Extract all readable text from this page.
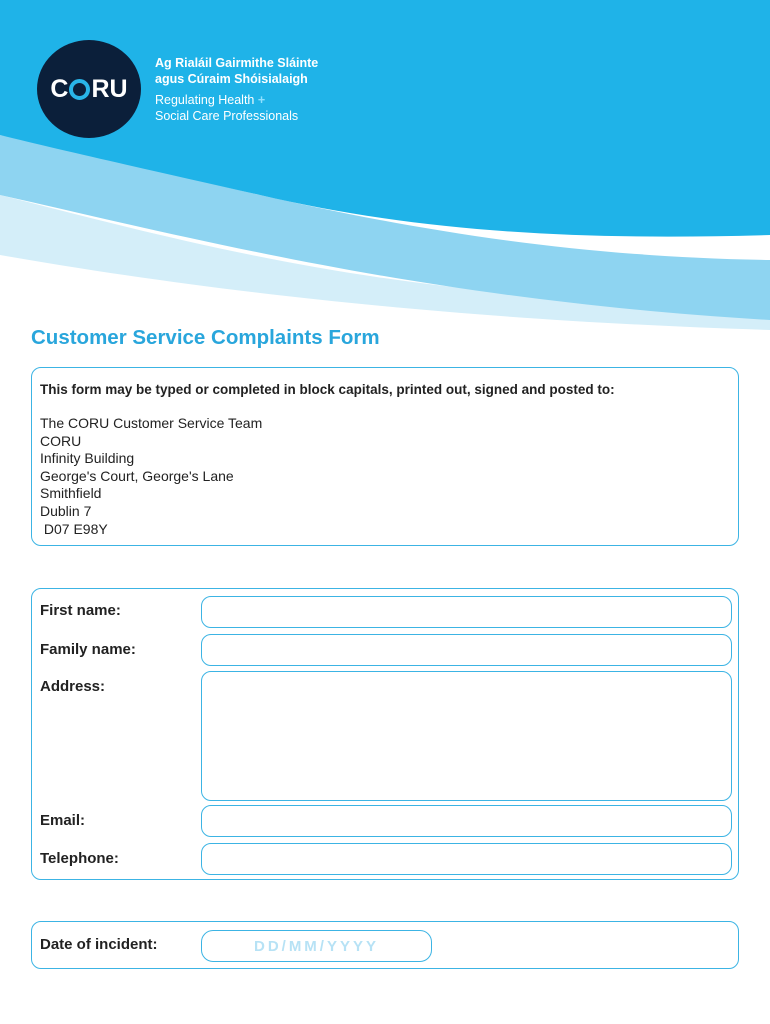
C RU
Ag Rialáil Gairmithe Sláinte
agus Cúraim Shóisialaigh
Regulating Health +
Social Care Professionals
Customer Service Complaints Form
This form may be typed or completed in block capitals, printed out, signed and posted to:
The CORU Customer Service Team
CORU
Infinity Building
George's Court, George's Lane
Smithfield
Dublin 7
D07 E98Y
First name:
Family name:
Address:
Email:
Telephone:
Date of incident:
DD/MM/YYYY
